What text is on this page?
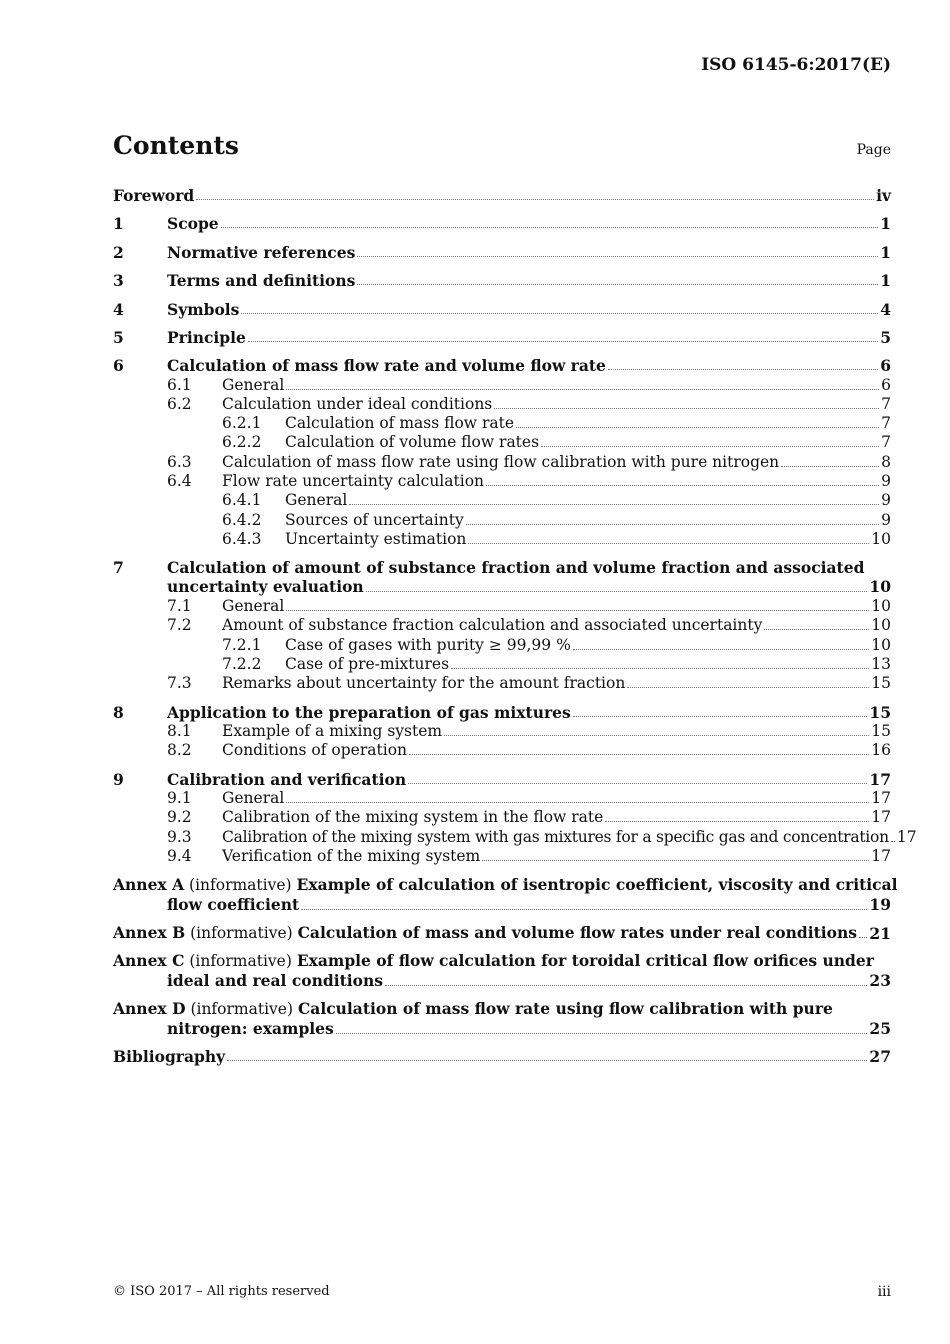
ISO 6145-6:2017(E)
Contents	Page
Foreword	iv
1	Scope	1
2	Normative references	1
3	Terms and definitions	1
4	Symbols	4
5	Principle	5
6	Calculation of mass flow rate and volume flow rate	6
6.1 General	6
6.2 Calculation under ideal conditions	7
6.2.1 Calculation of mass flow rate	7
6.2.2 Calculation of volume flow rates	7
6.3 Calculation of mass flow rate using flow calibration with pure nitrogen	8
6.4 Flow rate uncertainty calculation	9
6.4.1 General	9
6.4.2 Sources of uncertainty	9
6.4.3 Uncertainty estimation	10
7	Calculation of amount of substance fraction and volume fraction and associated
uncertainty evaluation	10
7.1 General	10
7.2 Amount of substance fraction calculation and associated uncertainty	10
7.2.1 Case of gases with purity ≥ 99,99 %	10
7.2.2 Case of pre-mixtures	13
7.3 Remarks about uncertainty for the amount fraction	15
8	Application to the preparation of gas mixtures	15
8.1 Example of a mixing system	15
8.2 Conditions of operation	16
9	Calibration and verification	17
9.1 General	17
9.2 Calibration of the mixing system in the flow rate	17
9.3 Calibration of the mixing system with gas mixtures for a specific gas and concentration 17
9.4 Verification of the mixing system	17
Annex A (informative) Example of calculation of isentropic coefficient, viscosity and critical
flow coefficient	19
Annex B (informative) Calculation of mass and volume flow rates under real conditions 21
Annex C (informative) Example of flow calculation for toroidal critical flow orifices under
ideal and real conditions	23
Annex D (informative) Calculation of mass flow rate using flow calibration with pure
nitrogen: examples	25
Bibliography	27
© ISO 2017 – All rights reserved	iii
